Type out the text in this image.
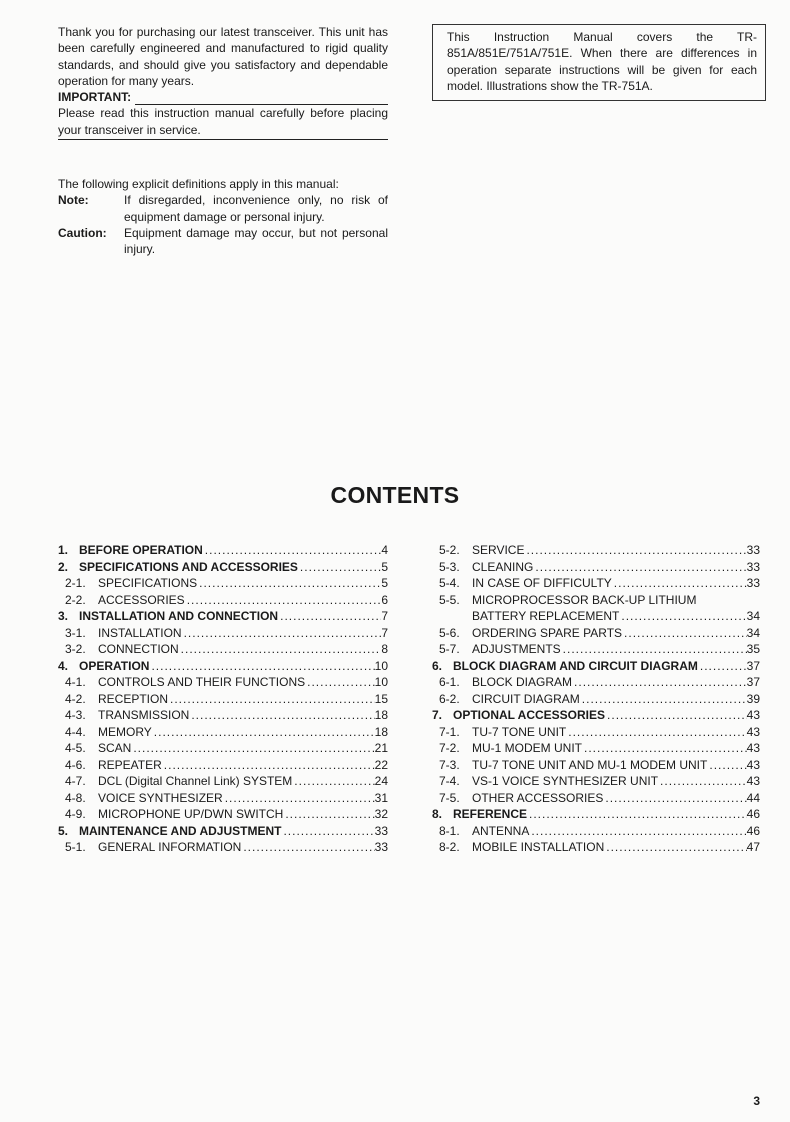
Thank you for purchasing our latest transceiver. This unit has been carefully engineered and manufactured to rigid quality standards, and should give you satisfactory and dependable operation for many years.

IMPORTANT:

Please read this instruction manual carefully before placing your transceiver in service.

The following explicit definitions apply in this manual:

Note:	If disregarded, inconvenience only, no risk of equipment damage or personal injury.
Caution:	Equipment damage may occur, but not personal injury.

This Instruction Manual covers the TR-851A/851E/751A/751E. When there are differences in operation separate instructions will be given for each model. Illustrations show the TR-751A.

CONTENTS
1. BEFORE OPERATION .....	4
2. SPECIFICATIONS AND ACCESSORIES .....	5
2-1.	SPECIFICATIONS .....	5
2-2.	ACCESSORIES .....	6
3. INSTALLATION AND CONNECTION .....	7
3-1.	INSTALLATION .....	7
3-2.	CONNECTION .....	8
4. OPERATION .....	10
4-1.	CONTROLS AND THEIR FUNCTIONS .....	10
4-2.	RECEPTION .....	15
4-3.	TRANSMISSION .....	18
4-4.	MEMORY .....	18
4-5.	SCAN .....	21
4-6.	REPEATER .....	22
4-7.	DCL (Digital Channel Link) SYSTEM .....	24
4-8.	VOICE SYNTHESIZER .....	31
4-9.	MICROPHONE UP/DWN SWITCH .....	32
5. MAINTENANCE AND ADJUSTMENT .....	33
5-1.	GENERAL INFORMATION .....	33
5-2.	SERVICE .....	33
5-3.	CLEANING .....	33
5-4.	IN CASE OF DIFFICULTY .....	33
5-5.	MICROPROCESSOR BACK-UP LITHIUM
BATTERY REPLACEMENT .....	34
5-6.	ORDERING SPARE PARTS .....	34
5-7.	ADJUSTMENTS .....	35
6. BLOCK DIAGRAM AND CIRCUIT DIAGRAM .....	37
6-1.	BLOCK DIAGRAM .....	37
6-2.	CIRCUIT DIAGRAM .....	39
7. OPTIONAL ACCESSORIES .....	43
7-1.	TU-7 TONE UNIT .....	43
7-2.	MU-1 MODEM UNIT .....	43
7-3.	TU-7 TONE UNIT AND MU-1 MODEM UNIT .....	43
7-4.	VS-1 VOICE SYNTHESIZER UNIT .....	43
7-5.	OTHER ACCESSORIES .....	44
8. REFERENCE .....	46
8-1.	ANTENNA .....	46
8-2.	MOBILE INSTALLATION .....	47
3
